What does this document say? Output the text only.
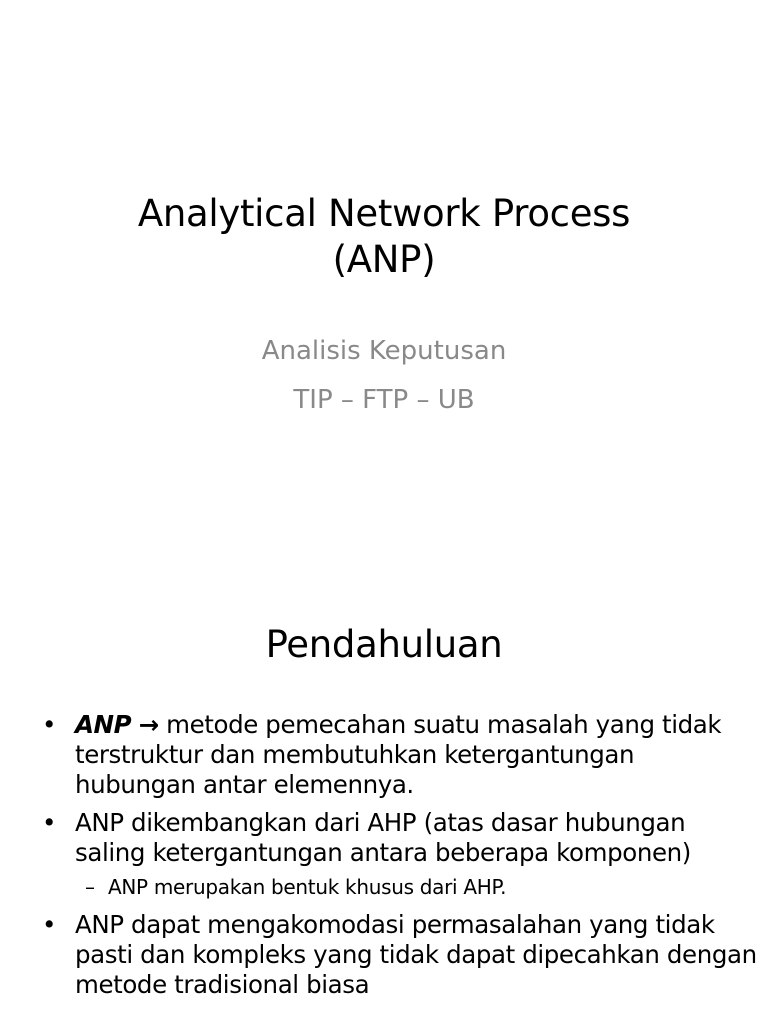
Analytical Network Process
(ANP)
Analisis Keputusan
TIP – FTP – UB
Pendahuluan
• ANP → metode pemecahan suatu masalah yang tidak terstruktur dan membutuhkan ketergantungan hubungan antar elemennya.
• ANP dikembangkan dari AHP (atas dasar hubungan saling ketergantungan antara beberapa komponen)
– ANP merupakan bentuk khusus dari AHP.
• ANP dapat mengakomodasi permasalahan yang tidak pasti dan kompleks yang tidak dapat dipecahkan dengan metode tradisional biasa
